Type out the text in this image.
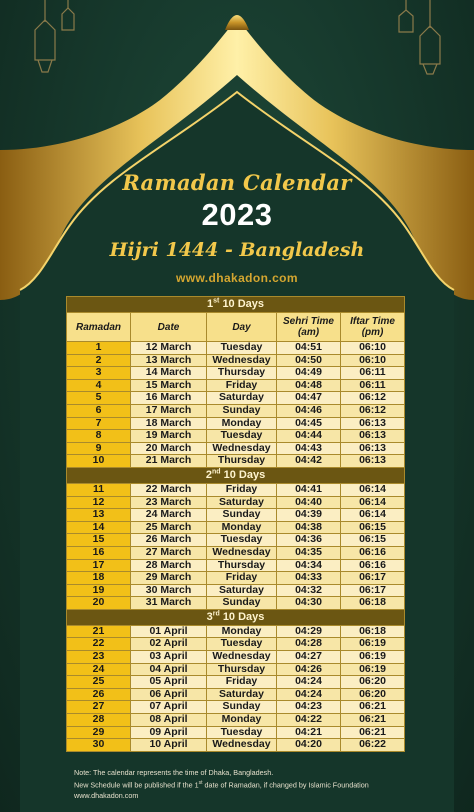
Ramadan Calendar
2023
Hijri 1444 - Bangladesh
www.dhakadon.com
1st 10 Days				
Ramadan	Date	Day	Sehri Time (am)	Iftar Time (pm)
1	12 March	Tuesday	04:51	06:10
2	13 March	Wednesday	04:50	06:10
3	14 March	Thursday	04:49	06:11
4	15 March	Friday	04:48	06:11
5	16 March	Saturday	04:47	06:12
6	17 March	Sunday	04:46	06:12
7	18 March	Monday	04:45	06:13
8	19 March	Tuesday	04:44	06:13
9	20 March	Wednesday	04:43	06:13
10	21 March	Thursday	04:42	06:13
2nd 10 Days				
11	22 March	Friday	04:41	06:14
12	23 March	Saturday	04:40	06:14
13	24 March	Sunday	04:39	06:14
14	25 March	Monday	04:38	06:15
15	26 March	Tuesday	04:36	06:15
16	27 March	Wednesday	04:35	06:16
17	28 March	Thursday	04:34	06:16
18	29 March	Friday	04:33	06:17
19	30 March	Saturday	04:32	06:17
20	31 March	Sunday	04:30	06:18
3rd 10 Days				
21	01 April	Monday	04:29	06:18
22	02 April	Tuesday	04:28	06:19
23	03 April	Wednesday	04:27	06:19
24	04 April	Thursday	04:26	06:19
25	05 April	Friday	04:24	06:20
26	06 April	Saturday	04:24	06:20
27	07 April	Sunday	04:23	06:21
28	08 April	Monday	04:22	06:21
29	09 April	Tuesday	04:21	06:21
30	10 April	Wednesday	04:20	06:22
Note: The calendar represents the time of Dhaka, Bangladesh.
New Schedule will be published if the 1st date of Ramadan, if changed by Islamic Foundation
www.dhakadon.com
